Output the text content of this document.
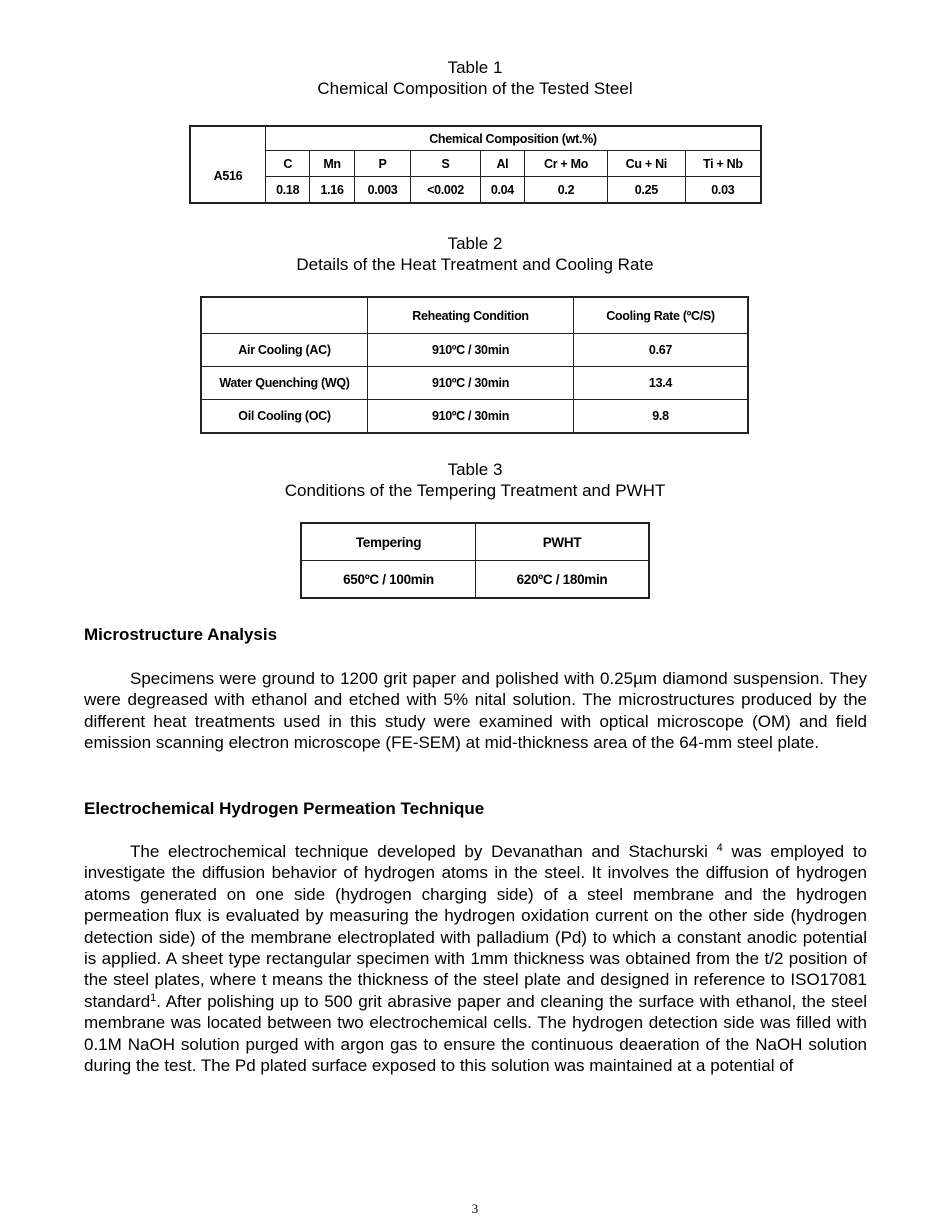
Table 1
Chemical Composition of the Tested Steel
	Chemical Composition (wt.%)							
A516	C	Mn	P	S	Al	Cr + Mo	Cu + Ni	Ti + Nb
	0.18	1.16	0.003	<0.002	0.04	0.2	0.25	0.03
Table 2
Details of the Heat Treatment and Cooling Rate
	Reheating Condition	Cooling Rate (ºC/S)
Air Cooling (AC)	910ºC / 30min	0.67
Water Quenching (WQ)	910ºC / 30min	13.4
Oil Cooling (OC)	910ºC / 30min	9.8
Table 3
Conditions of the Tempering Treatment and PWHT
Tempering	PWHT
650ºC / 100min	620ºC / 180min
Microstructure Analysis

Specimens were ground to 1200 grit paper and polished with 0.25µm diamond suspension. They were degreased with ethanol and etched with 5% nital solution. The microstructures produced by the different heat treatments used in this study were examined with optical microscope (OM) and field emission scanning electron microscope (FE-SEM) at mid-thickness area of the 64-mm steel plate.

Electrochemical Hydrogen Permeation Technique

The electrochemical technique developed by Devanathan and Stachurski $^4$ was employed to investigate the diffusion behavior of hydrogen atoms in the steel. It involves the diffusion of hydrogen atoms generated on one side (hydrogen charging side) of a steel membrane and the hydrogen permeation flux is evaluated by measuring the hydrogen oxidation current on the other side (hydrogen detection side) of the membrane electroplated with palladium (Pd) to which a constant anodic potential is applied. A sheet type rectangular specimen with 1mm thickness was obtained from the t/2 position of the steel plates, where t means the thickness of the steel plate and designed in reference to ISO17081 standard$^1$. After polishing up to 500 grit abrasive paper and cleaning the surface with ethanol, the steel membrane was located between two electrochemical cells. The hydrogen detection side was filled with 0.1M NaOH solution purged with argon gas to ensure the continuous deaeration of the NaOH solution during the test. The Pd plated surface exposed to this solution was maintained at a potential of

3
